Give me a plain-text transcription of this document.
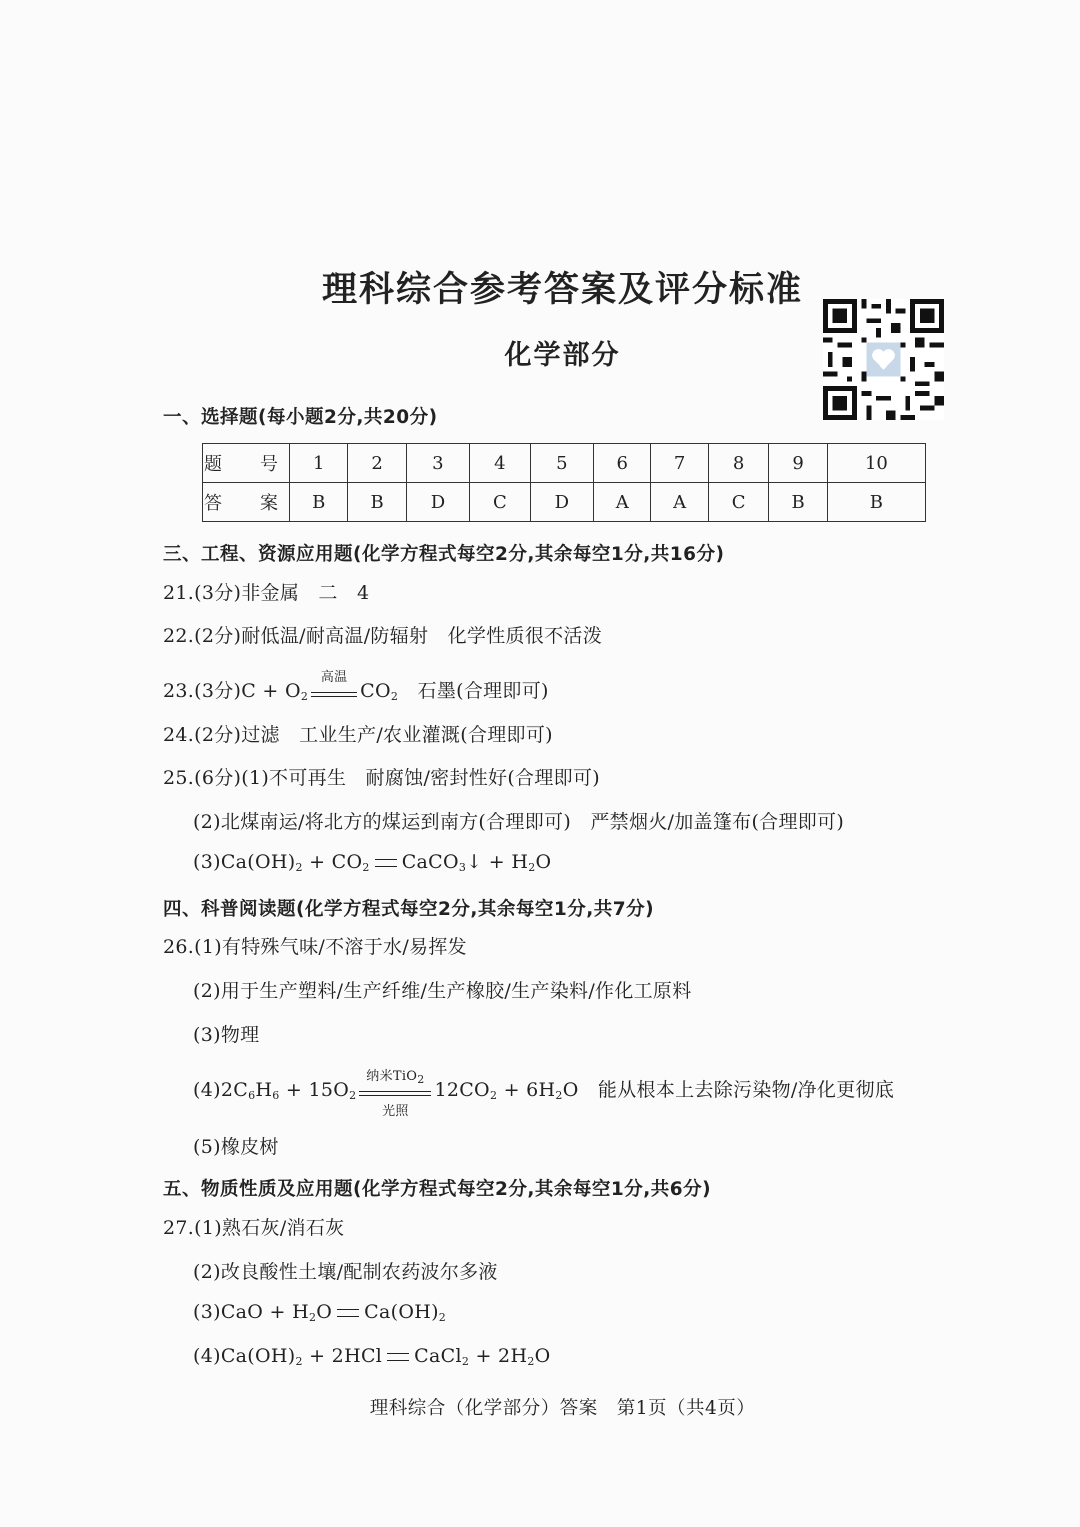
理科综合参考答案及评分标准
化学部分
一、选择题(每小题2分,共20分)
题　号	1	2	3	4	5	6	7	8	9	10
答　案	B	B	D	C	D	A	A	C	B	B
三、工程、资源应用题(化学方程式每空2分,其余每空1分,共16分)
21.(3分)非金属　二　4
22.(2分)耐低温/耐高温/防辐射　化学性质很不活泼
23.(3分)$C + O_2$
高温
$CO_2$　 石墨(合理即可)
24.(2分)过滤　工业生产/农业灌溉(合理即可)
25.(6分)(1)不可再生　耐腐蚀/密封性好(合理即可)
(2)北煤南运/将北方的煤运到南方(合理即可)　严禁烟火/加盖篷布(合理即可)
$(3)Ca(OH)_2 + CO_2$ CaCO$_3$↓ + $H_2O$
四、科普阅读题(化学方程式每空2分,其余每空1分,共7分)
26.(1)有特殊气味/不溶于水/易挥发
(2)用于生产塑料/生产纤维/生产橡胶/生产染料/作化工原料
(3)物理
$(4)2C_6H_6 + 15O_2$
纳米TiO$_2$
光照
$12CO_2 + 6H_2O$　能从根本上去除污染物/净化更彻底
(5)橡皮树
五、物质性质及应用题(化学方程式每空2分,其余每空1分,共6分)
27.(1)熟石灰/消石灰
(2)改良酸性土壤/配制农药波尔多液
$(3)CaO + H_2O$ $Ca(OH)_2$
$(4)Ca(OH)_2 + 2HCl$ CaCl$_2$ + $2H_2O$
理科综合（化学部分）答案　第1页（共4页）
